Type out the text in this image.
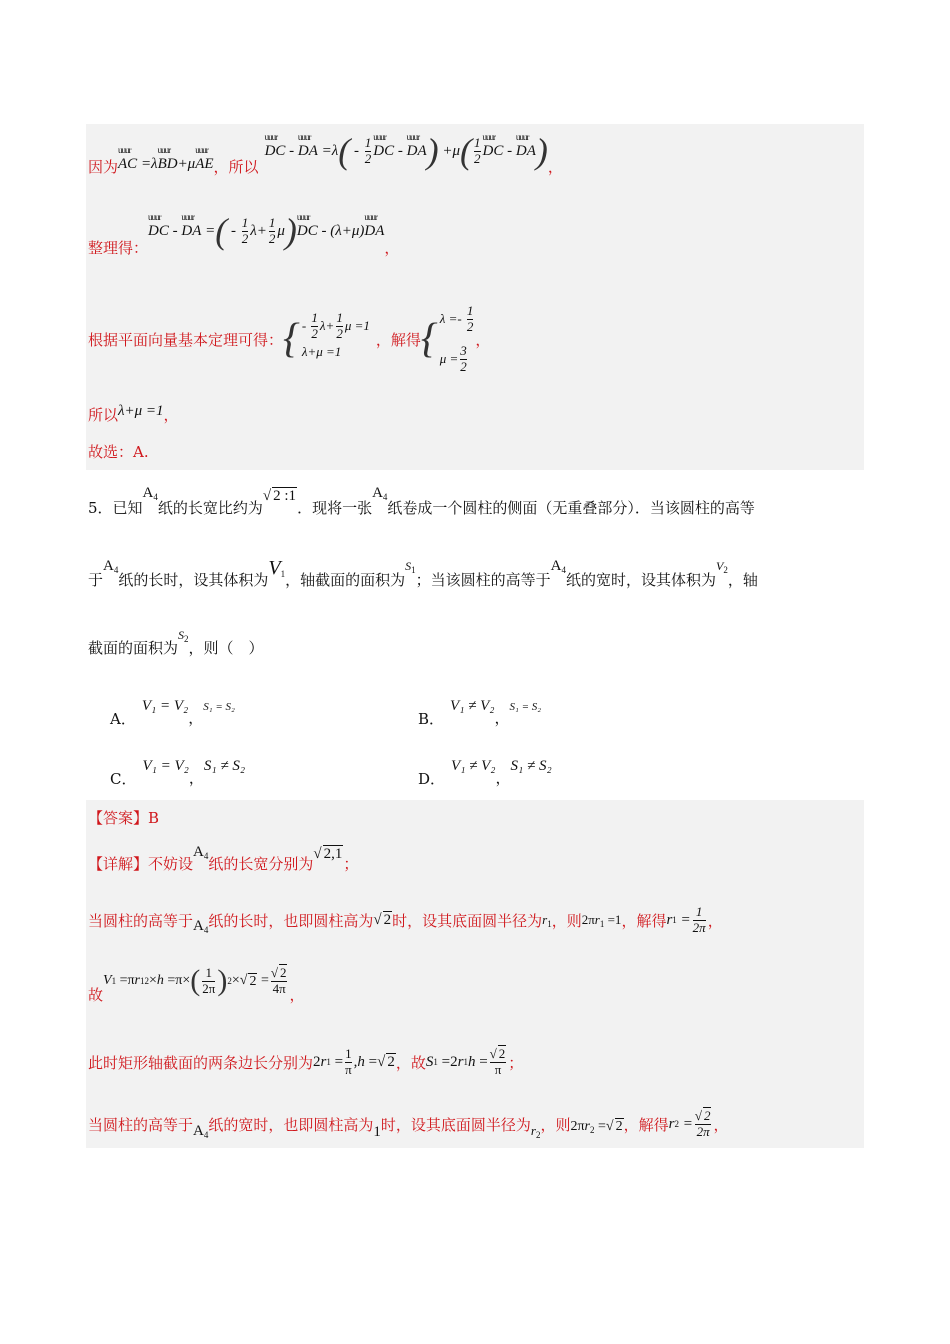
因为 uuur AC =λuuur BD+μuuur AE ，所以
uuur DC - uuur DA =λ ( - $\frac{1}{2}$ uuur DC - uuur DA ) +μ ( $\frac{1}{2}$ uuur DC - uuur DA ) ，
整理得：
uuur DC - uuur DA = ( - $\frac{1}{2} \lambda+ \frac{1}{2}$ μ ) uuur DC - (λ+μ) uuur DA
，
根据平面向量基本定理可得： { - $\frac{1}{2} \lambda+ \frac{1}{2}$ μ =1
λ+μ =1
，解得 { $\lambda =- \frac{1}{2}$
$\mu = \frac{3}{2}$
，
所以 λ+μ =1 ，
故选：A.
5．已知
$A_4$
纸的长宽比约为
√ 2 :1
．现将一张
$A_4$
纸卷成一个圆柱的侧面（无重叠部分）．当该圆柱的高等
于
$A_4$
纸的长时，设其体积为
$V_1$ ，轴截面的面积为
$S_1$
；当该圆柱的高等于
$A_4$
纸的宽时，设其体积为
$V_2$
，轴
截面的面积为
$S_2$ ，则（　）
A．
V₁ = V₂
，
S₁ = S₂
B．
V₁ ≠ V₂
，
S₁ = S₂
C．
V₁ = V₂
，
S₁ ≠ S₂
D．
V₁ ≠ V₂
，
S₁ ≠ S₂
【答案】B
【详解】 不妨设
$A_4$ 纸的长宽分别为
√ 2,1
；
当圆柱的高等于 $A_4$ 纸的长时，也即圆柱高为 √ 2 时，设其底面圆半径为 $r_1$ ，则 $2\pi r_1 =1$ ，解得 r $1 = \frac{1}{2\pi}$ ，
故
V 1 =π r 1 2 × h =π× ( $\frac{1}{2\pi}$ ) 2 ×√ $2 = \frac{√ 2}{4\pi}$ ，
此时矩形轴截面的两条边长分别为 2 r $1 = \frac{1}{\pi}$ , h =√ 2 ，故 S 1 =2 r 1 $h = \frac{√ 2}{\pi}$ ；
当圆柱的高等于 $A_4$
纸的宽时，也即圆柱高为 1 时，设其底面圆半径为 $r_2$
，则 $2\pi r_2$ =√ 2 ，解得 r $2 = \frac{√ 2}{2\pi}$ ，
